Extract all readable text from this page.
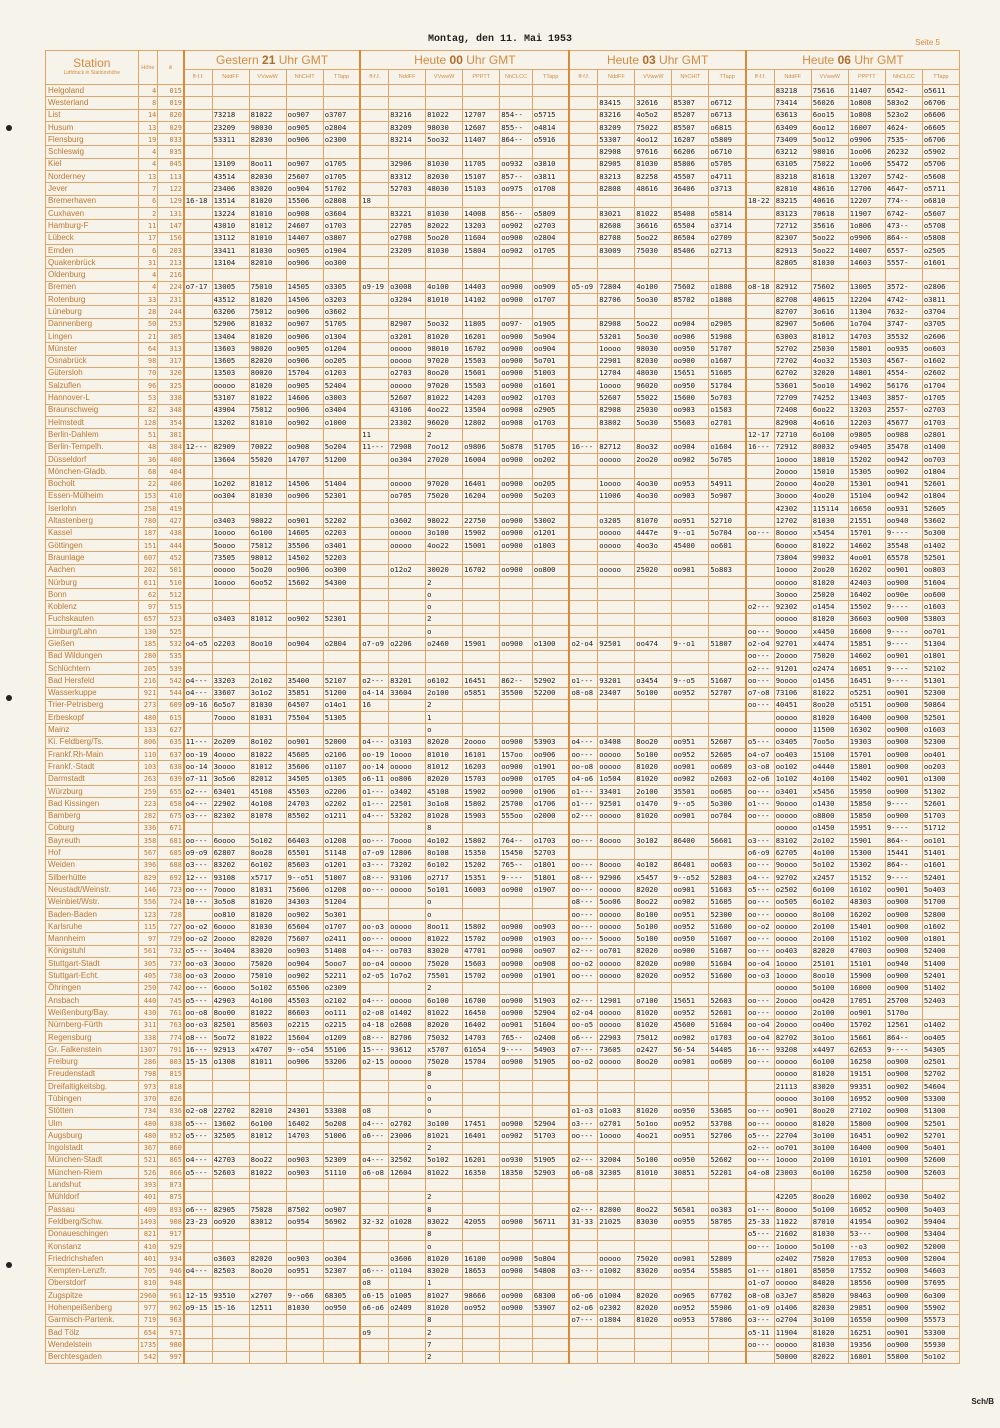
Montag, den 11. Mai 1953	Seite 5
Station
Luftdruck in Stationshöhe	Höhe	iii	Gestern 21 Uhr GMT					Heute 00 Uhr GMT						Heute 03 Uhr GMT					Heute 06 Uhr GMT					
			ff-f.f.	NddFF	VVwwW	NhCHIT	TTapp	ff-f.f.	NddFF	VVwwW	PPPTT	NhCLCC	TTapp	ff-f.f.	NddFF	VVwwW	NhCHIT	TTapp	ff-f.f.	NddFF	VVwwW	PPPTT	NhCLCC	TTapp
Helgoland	4	015																		83218	75616	11407	6542-	o5611
Westerland	8	019													83415	32616	85307	o6712		73414	56026	1o808	583o2	o6706
List	14	020		73218	81022	oo907	o3707		83216	81022	12707	854--	o5715		83216	4o5o2	85207	o6713		63613	6oo15	1o808	523o2	o6606
Husum	13	029		23209	98030	oo905	o2804		83209	98030	12607	855--	o4814		83209	75022	85507	o6815		63409	6oo12	16007	4624-	o6605
Flensburg	19	033		53311	82030	oo906	o2300		83214	5oo32	11407	864--	o5916		53307	4oo12	16207	o5809		73409	5oo12	o9906	7535-	o6706
Schleswig	4	035													82908	97616	66206	o6710		63212	98016	1oo06	26232	o5902
Kiel	4	045		13109	8oo11	oo907	o1705		32906	81030	11705	oo932	o3810		82905	81030	85806	o5705		63105	75022	1oo06	55472	o5706
Norderney	13	113		43514	82030	25607	o1705		83312	82030	15107	857--	o3811		83213	82258	45507	o4711		83218	81618	13207	5742-	o5608
Jever	7	122		23406	83020	oo904	51702		52703	48030	15103	oo975	o1708		82808	48616	36406	o3713		82810	48616	12706	4647-	o5711
Bremerhaven	6	129	16-18	13514	81020	15506	o2808	18											18-22	83215	40616	12207	774--	o6810
Cuxhaven	2	131		13224	81010	oo908	o3604		83221	81030	14008	856--	o5809		83021	81022	85408	o5814		83123	70618	11907	6742-	o5607
Hamburg-F	11	147		43010	81012	24607	o1703		22705	82022	13203	oo902	o2703		82608	36616	65504	o3714		72712	35616	1o806	473--	o5708
Lübeck	17	156		13112	81010	14407	o3807		o2708	5oo20	11604	oo900	o2804		82708	5oo22	86504	o2709		82307	5oo22	o9906	864--	o5808
Emden	6	203		33411	81030	oo905	o1904		23209	81030	15804	oo902	o1705		83009	75030	85406	o2713		82913	5oo22	14007	6557-	o2505
Quakenbrück	31	213		13104	82010	oo906	oo300													82805	81030	14603	5557-	o1601
Oldenburg	4	216																						
Bremen	4	224	o7-17	13005	75010	14505	o3305	o9-19	o3008	4o100	14403	oo900	oo909	o5-o9	72804	4o100	75602	o1808	o8-18	82912	75602	13005	3572-	o2806
Rotenburg	33	231		43512	81020	14506	o3203		o3204	81010	14102	oo900	o1707		82706	5oo30	85702	o1808		82708	40615	12204	4742-	o3811
Lüneburg	28	244		63206	75012	oo906	o3602													82707	3o616	11304	7632-	o3704
Dannenberg	50	253		52906	81032	oo907	51705		82907	5oo32	11805	oo97-	o1905		82908	5oo22	oo904	o2905		82907	5o606	1o704	3747-	o3705
Lingen	21	305		13404	81020	oo906	o1304		o3201	81020	16201	oo900	5o904		53201	5oo30	oo906	51908		63003	81012	14703	35532	o2606
Münster	64	313		13603	98020	oo905	o1204		ooooo	98010	16702	oo900	oo904		1oooo	98030	oo950	51707		52702	25030	15801	oo935	oo603
Osnabrück	98	317		13605	82020	oo906	oo205		ooooo	97020	15503	oo900	5o701		22901	82030	oo900	o1607		72702	4oo32	15303	4567-	o1602
Gütersloh	70	320		13503	80020	15704	o1203		o2703	8oo20	15601	oo900	51003		12704	48030	15651	51605		62702	32020	14801	4554-	o2602
Salzuflen	96	325		ooooo	81020	oo905	52404		ooooo	97020	15503	oo900	o1601		1oooo	96020	oo950	51704		53601	5oo10	14902	56176	o1704
Hannover-L	53	338		53107	81022	14606	o3003		52607	81022	14203	oo902	o1703		52607	55022	15600	5o703		72709	74252	13403	3857-	o1705
Braunschweig	82	348		43904	75012	oo906	o3404		43106	4oo22	13504	oo908	o2905		82908	25030	oo903	o1503		72408	6oo22	13203	2557-	o2703
Helmstedt	128	354		13202	81010	oo902	o1000		23302	96020	12802	oo908	o1703		83802	5oo30	55603	o2701		82908	4o616	12203	45677	o1703
Berlin-Dahlem	51	381						11		2									12-17	72710	6o100	o9805	oo988	o2801
Berlin-Tempelh.	48	384	12---	82909	70022	oo908	5o204	11---	72908	7oo12	o9806	5o878	51705	16---	82712	8oo32	oo904	o1604	16---	72912	80032	o9405	35478	o1400
Düsseldorf	36	400		13604	55020	14707	51200		oo304	27020	16004	oo900	oo202		ooooo	2oo20	oo902	5o705		1oooo	18010	15202	oo942	oo703
Mönchen-Gladb.	68	404																		2oooo	15010	15305	oo902	o1804
Bocholt	22	406		1o202	81012	14506	51404		ooooo	97020	16401	oo900	oo205		1oooo	4oo30	oo953	54911		2oooo	4oo20	15301	oo941	52601
Essen-Mülheim	153	410		oo304	81030	oo906	52301		oo705	75020	16204	oo900	5o203		11006	4oo30	oo903	5o907		3oooo	4oo20	15104	oo942	o1804
Iserlohn	258	419																		42302	115114	16650	oo931	52605
Altastenberg	780	427		o3403	98022	oo901	52202		o3602	98022	22750	oo900	53002		o3205	81070	oo951	52710		12702	81030	21551	oo940	53602
Kassel	187	438		1oooo	6o100	14605	o2203		ooooo	3o100	15902	oo900	o1201		ooooo	4447e	9--o1	5o704	oo---	8oooo	x5454	15701	9----	5o300
Göttingen	151	444		5oooo	75012	35506	o3401		ooooo	4oo22	15001	oo900	o1003		ooooo	4oo3o	45400	oo601		6oooo	81022	14602	35548	o1402
Braunlage	607	452		73505	98012	14502	52203													73004	99032	4oo01	65578	52501
Aachen	202	501		ooooo	5oo20	oo906	oo300		o12o2	30020	16702	oo900	oo800		ooooo	25020	oo901	5o803		1oooo	2oo20	16202	oo901	oo803
Nürburg	611	510		1oooo	6oo52	15602	54300			2										ooooo	81020	42403	oo900	51604
Bonn	62	512								o										3oooo	25020	16402	oo90e	oo600
Koblenz	97	515								o									o2---	92302	o1454	15502	9----	o1603
Fuchskauten	657	523		o3403	81012	oo902	52301			2										ooooo	81020	36603	oo900	53803
Limburg/Lahn	130	525								o									oo---	9oooo	x4450	16600	9----	oo701
Gießen	185	532	o4-o5	o2203	8oo10	oo904	o2804	o7-o9	o2206	o2460	15901	oo900	o1300	o2-o4	92501	oo474	9--o1	51807	o2-o4	92701	x4474	15851	9----	51304
Bad Wildungen	280	535																	oo---	2oooo	75020	14602	oo901	o1801
Schlüchtern	205	539																	o2---	91201	o2474	16051	9----	52102
Bad Hersfeld	216	542	o4---	33203	2o102	35400	52107	o2---	83201	o6102	16451	862--	52902	o1---	93201	o3454	9--o5	51607	oo---	9oooo	o1456	16451	9----	51301
Wasserkuppe	921	544	o4---	33607	3o1o2	35851	51200	o4-14	33604	2o100	o5851	35500	52200	o8-o8	23407	5o100	oo952	52707	o7-o8	73106	81022	o5251	oo901	52300
Trier-Petrisberg	273	609	o9-16	6o5o7	81030	64507	o14o1	16		2									oo---	40451	8oo20	o5151	oo900	50864
Erbeskopf	480	615		7oooo	81031	75504	51305			1										ooooo	81020	16400	oo900	52501
Mainz	133	627								o										ooooo	11500	16302	oo900	o1603
Kl. Feldberg/Ts.	806	635	11---	2o209	8o102	oo901	52000	o4---	o3103	82020	2oooo	oo900	53903	o4---	o3408	8oo20	oo951	52607	o5---	o3405	7oo5o	19303	oo900	52300
Frankf.Rh-Main	110	637	oo-19	4oooo	81022	45605	o2106	oo-19	1oooo	81010	16101	157oo	oo906	oo---	ooooo	5o100	oo952	52605	o4-o7	oo403	15100	15701	oo900	oo401
Frankf.-Stadt	103	638	oo-14	3oooo	81012	35606	o1107	oo-14	ooooo	81012	16203	oo900	o1901	oo-o8	ooooo	81020	oo901	oo609	o3-o8	oo102	o4440	15801	oo900	oo203
Darmstadt	263	639	o7-11	3o5o6	82012	34505	o1305	o6-11	oo806	82020	15703	oo900	o1705	o4-o6	1o504	81020	oo902	o2603	o2-o6	1o102	4o100	15402	oo901	o1300
Würzburg	259	655	o2---	63401	45108	45503	o2206	o1---	o3402	45108	15902	oo900	o1906	o1---	33401	2o100	35501	oo605	oo---	o3401	x5456	15950	oo900	51302
Bad Kissingen	223	658	o4---	22902	4o108	24703	o2202	o1---	22501	3o1o8	15802	25700	o1706	o1---	92501	o1470	9--o5	5o300	o1---	9oooo	o1430	15850	9----	52601
Bamberg	282	675	o3---	82302	81078	85502	o1211	o4---	53202	81028	15903	555oo	o2000	o2---	ooooo	81020	oo901	oo704	oo---	ooooo	o8800	15850	oo900	51703
Coburg	336	671								8										ooooo	o1450	15951	9----	51712
Bayreuth	358	681	oo---	6oooo	5o102	66403	o1208	oo---	7oooo	4o102	15802	764--	o1703	oo---	8oooo	3o102	86400	56601	o3---	83102	2o102	15901	864--	oo101
Hof	567	685	o9-o9	62807	8oo28	65501	51148	o7-o9	12806	8o108	15350	15450	52703						o6-o9	62705	4o100	15300	15441	51401
Weiden	396	688	o3---	83202	6o102	85603	o1201	o3---	73202	6o102	15202	765--	o1801	oo---	8oooo	4o102	86401	oo603	oo---	9oooo	5o102	15302	864--	o1601
Silberhütte	829	692	12---	93108	x5717	9--o51	51007	o8---	93106	o2717	15351	9----	51801	o8---	92906	x5457	9--o52	52803	o4---	92702	x2457	15152	9----	52401
Neustadt/Weinstr.	146	723	oo---	7oooo	81031	75606	o1208	oo---	ooooo	5o101	16003	oo900	o1907	oo---	ooooo	82020	oo901	51603	o5---	o2502	6o100	16102	oo901	5o403
Weinbiet/Wstr.	556	724	10---	3o5o8	81020	34303	51204			o				o8---	5oo06	8oo22	oo902	51605	oo---	oo505	6o102	48303	oo900	51700
Baden-Baden	123	728		oo810	81020	oo902	5o301			o				oo---	ooooo	8o100	oo951	52300	oo---	ooooo	8o100	16202	oo900	52800
Karlsruhe	115	727	oo-o2	6oooo	81030	65604	o1707	oo-o3	ooooo	8oo11	15802	oo900	oo903	oo---	ooooo	5o100	oo952	51600	oo-o2	ooooo	2o100	15401	oo900	o1602
Mannheim	97	729	oo-o2	2oooo	82020	75607	o2411	oo---	ooooo	81022	15702	oo900	o1903	oo---	5oooo	5o100	oo950	51607	oo---	ooooo	2o100	15102	oo900	o1801
Königstuhl	561	732	o5---	3o404	83020	oo903	51408	o4---	oo703	83020	47701	oo900	oo907	o2---	oo701	82020	oo900	51607	oo---	oo403	82020	47003	oo900	52400
Stuttgart-Stadt	305	737	oo-o3	3oooo	75020	oo904	5ooo7	oo-o4	ooooo	75020	15603	oo900	oo908	oo-o2	ooooo	82020	oo900	51604	oo-o4	1oooo	25101	15101	oo940	51400
Stuttgart-Echt.	405	738	oo-o3	2oooo	75010	oo902	52211	o2-o5	1o7o2	75501	15702	oo900	o1901	oo---	ooooo	82020	oo952	51600	oo-o3	1oooo	8oo10	15900	oo900	52401
Öhringen	250	742	oo---	6oooo	5o102	65506	o2309			2										ooooo	5o100	16000	oo900	51402
Ansbach	440	745	o5---	42903	4o100	45503	o2102	o4---	ooooo	6o100	16700	oo900	51903	o2---	12901	o7100	15651	52603	oo---	2oooo	oo420	17051	25700	52403
Weißenburg/Bay.	430	761	oo-o8	8oo00	81022	86603	oo111	o2-o8	o1402	81022	16450	oo900	52904	o2-o4	ooooo	81020	oo952	52601	oo---	ooooo	2o100	oo901	5170o	
Nürnberg-Fürth	311	763	oo-o3	82501	85603	o2215	o2215	o4-18	o2608	82020	16402	oo901	51604	oo-o5	ooooo	81020	45600	51604	oo-o4	2oooo	oo40o	15702	12561	o1402
Regensburg	338	774	o8---	5oo72	81022	15604	o1209	o8---	82706	75032	14703	765--	o2400	o6---	22903	75012	oo902	o1703	oo-o4	82702	3o1oo	15661	864--	oo405
Gr. Falkenstein	1307	791	16---	92913	x4707	9--o54	55106	15---	93612	x5707	61654	9----	54903	o7---	73605	o2427	56-54	54405	16---	93208	x4497	62653	9----	54305
Freiburg	286	803	15-15	o1308	81011	oo906	53206	o2-15	ooooo	75020	15704	oo900	51905	oo-o2	ooooo	8oo20	oo901	oo609	oo---	ooooo	6o100	16250	oo900	o2501
Freudenstadt	798	815								8										ooooo	81020	19151	oo900	52702
Dreifaltigkeitsbg.	973	818								o										21113	83020	99351	oo902	54604
Tübingen	370	826								o										ooooo	3o100	16952	oo900	53300
Stötten	734	836	o2-o8	22702	82010	24301	53308	o8		o				o1-o3	o1o03	81020	oo950	53605	oo---	oo901	8oo20	27102	oo900	51300
Ulm	480	838	o5---	13602	6o100	16402	5o208	o4---	o2702	3o100	17451	oo900	52904	o3---	o2701	5o1oo	oo952	53708	oo---	ooooo	81020	15800	oo900	52501
Augsburg	480	852	o5---	32505	81012	14703	51006	o6---	23006	81021	16401	oo902	51703	oo---	1oooo	4oo21	oo951	52706	o5---	22704	3o100	16451	oo902	52701
Ingolstadt	367	860								2									o2---	oo701	3o100	16400	oo900	5o401
München-Stadt	521	865	o4---	42703	8oo22	oo903	52309	o4---	32502	5o102	16201	oo930	51905	o2---	32004	5o100	oo950	52602	oo---	1oooo	2o100	16101	oo900	52600
München-Riem	526	866	o5---	52603	81022	oo903	51110	o6-o8	12604	81022	16350	18350	52903	o6-o8	32305	81010	30851	52201	o4-o8	23003	6o100	16250	oo900	52603
Landshut	393	873																						
Mühldorf	401	875								2										42205	8oo20	16002	oo930	5o402
Passau	409	893	o6---	82905	75028	87502	oo907			8				o2---	82800	8oo22	56501	oo303	o1---	8oooo	5o100	16052	oo900	5o403
Feldberg/Schw.	1493	908	23-23	oo920	83012	oo954	56902	32-32	o1028	83022	42055	oo900	56711	31-33	21025	83030	oo955	58705	25-33	11022	87010	41954	oo902	59404
Donaueschingen	821	917								8									o5---	21602	81030	53---	oo900	53404
Konstanz	410	929								o									oo---	1oooo	5o100	--o3	oo902	52000
Friedrichshafen	401	934		o3603	82020	oo903	oo304		o3606	81020	16100	oo900	5o804		ooooo	75020	oo901	52809		o2402	75020	17053	oo900	52004
Kempten-Lenzfr.	705	946	o4---	82503	8oo20	oo951	52307	o6---	o1104	83020	18653	oo900	54808	o3---	o1002	83020	oo954	55805	o1---	o1801	85050	17552	oo900	54603
Oberstdorf	810	948						o8		1									o1-o7	ooooo	84020	18556	oo900	57695
Zugspitze	2960	961	12-15	93510	x2707	9--o66	68305	o6-15	o1005	81027	98666	oo900	68300	o6-o6	o1004	82020	oo965	67702	o8-o8	o3Je7	85020	98463	oo900	6o300
Hohenpeißenberg	977	962	o9-15	15-16	12511	81030	oo950	o6-o6	o2409	81020	oo952	oo900	53907	o2-o6	o2302	82020	oo952	55906	o1-o9	o1406	82030	29851	oo900	55902
Garmisch-Partenk.	719	963								8				o7---	o1804	81020	oo953	57806	o3---	o2704	3o100	16550	oo900	55573
Bad Tölz	654	971						o9		2									o5-11	11904	81020	16251	oo901	53300
Wendelstein	1735	980								7									oo---	ooooo	81030	19356	oo900	55930
Berchtesgaden	542	997								2										50000	82022	16801	55800	5o102
Sch/B
